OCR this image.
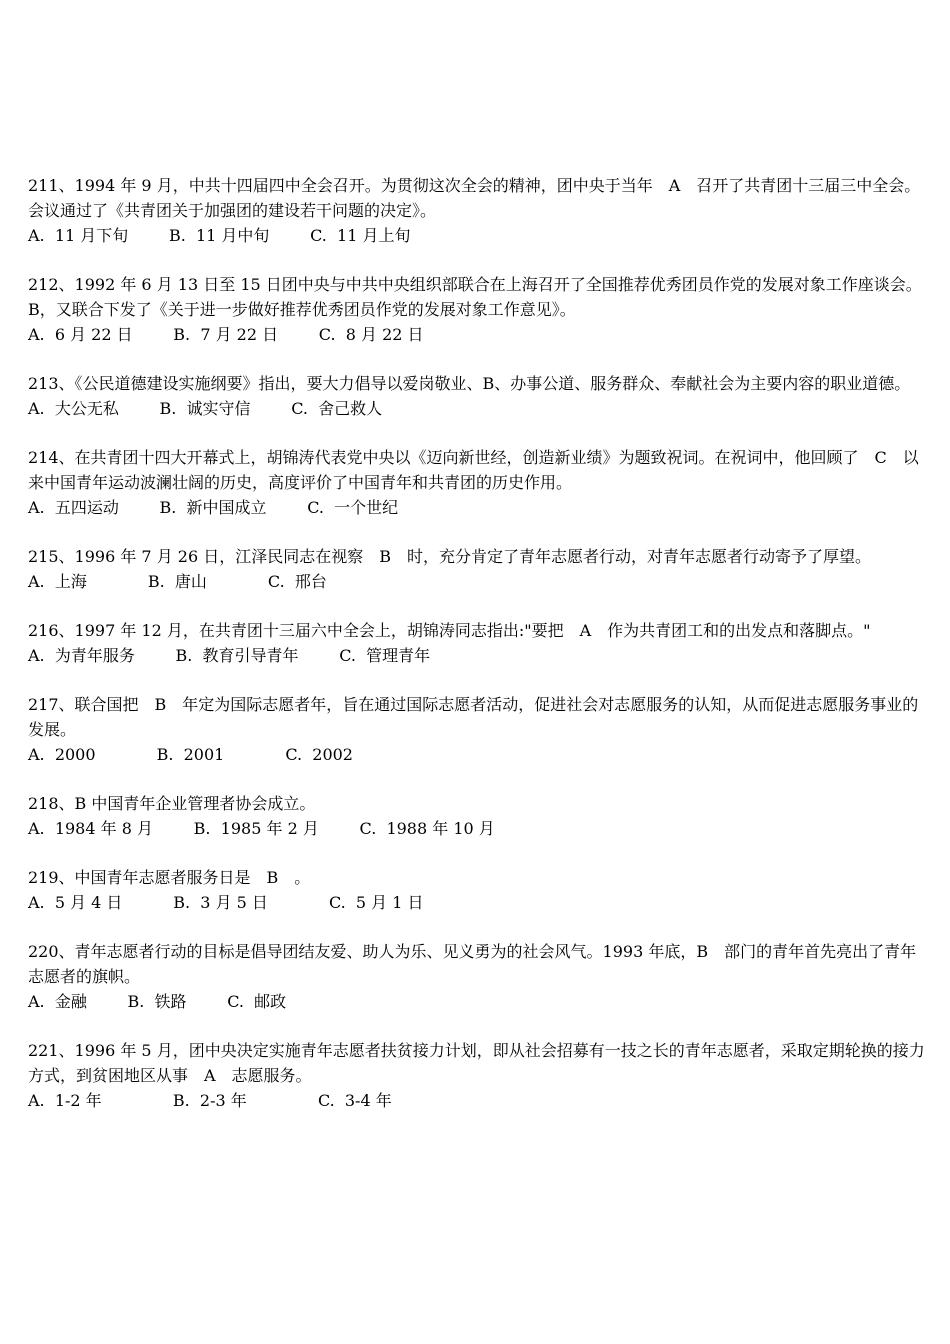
211、1994 年 9 月，中共十四届四中全会召开。为贯彻这次全会的精神，团中央于当年　A　召开了共青团十三届三中全会。会议通过了《共青团关于加强团的建设若干问题的决定》。

A.  11 月下旬        B.  11 月中旬        C.  11 月上旬

212、1992 年 6 月 13 日至 15 日团中央与中共中央组织部联合在上海召开了全国推荐优秀团员作党的发展对象工作座谈会。B，又联合下发了《关于进一步做好推荐优秀团员作党的发展对象工作意见》。

A.  6 月 22 日        B.  7 月 22 日        C.  8 月 22 日

213、《公民道德建设实施纲要》指出，要大力倡导以爱岗敬业、B、办事公道、服务群众、奉献社会为主要内容的职业道德。

A.  大公无私        B.  诚实守信        C.  舍己救人

214、在共青团十四大开幕式上，胡锦涛代表党中央以《迈向新世经，创造新业绩》为题致祝词。在祝词中，他回顾了　C　以来中国青年运动波澜壮阔的历史，高度评价了中国青年和共青团的历史作用。

A.  五四运动        B.  新中国成立        C.  一个世纪

215、1996 年 7 月 26 日，江泽民同志在视察　B　时，充分肯定了青年志愿者行动，对青年志愿者行动寄予了厚望。

A.  上海            B.  唐山            C.  邢台

216、1997 年 12 月，在共青团十三届六中全会上，胡锦涛同志指出:"要把　A　作为共青团工和的出发点和落脚点。"

A.  为青年服务        B.  教育引导青年        C.  管理青年

217、联合国把　B　年定为国际志愿者年，旨在通过国际志愿者活动，促进社会对志愿服务的认知，从而促进志愿服务事业的发展。

A.  2000            B.  2001            C.  2002

218、B 中国青年企业管理者协会成立。

A.  1984 年 8 月        B.  1985 年 2 月        C.  1988 年 10 月

219、中国青年志愿者服务日是　B　。

A.  5 月 4 日          B.  3 月 5 日            C.  5 月 1 日

220、青年志愿者行动的目标是倡导团结友爱、助人为乐、见义勇为的社会风气。1993 年底，B　部门的青年首先亮出了青年志愿者的旗帜。

A.  金融        B.  铁路        C.  邮政

221、1996 年 5 月，团中央决定实施青年志愿者扶贫接力计划，即从社会招募有一技之长的青年志愿者，采取定期轮换的接力方式，到贫困地区从事　A　志愿服务。

A.  1-2 年              B.  2-3 年              C.  3-4 年
